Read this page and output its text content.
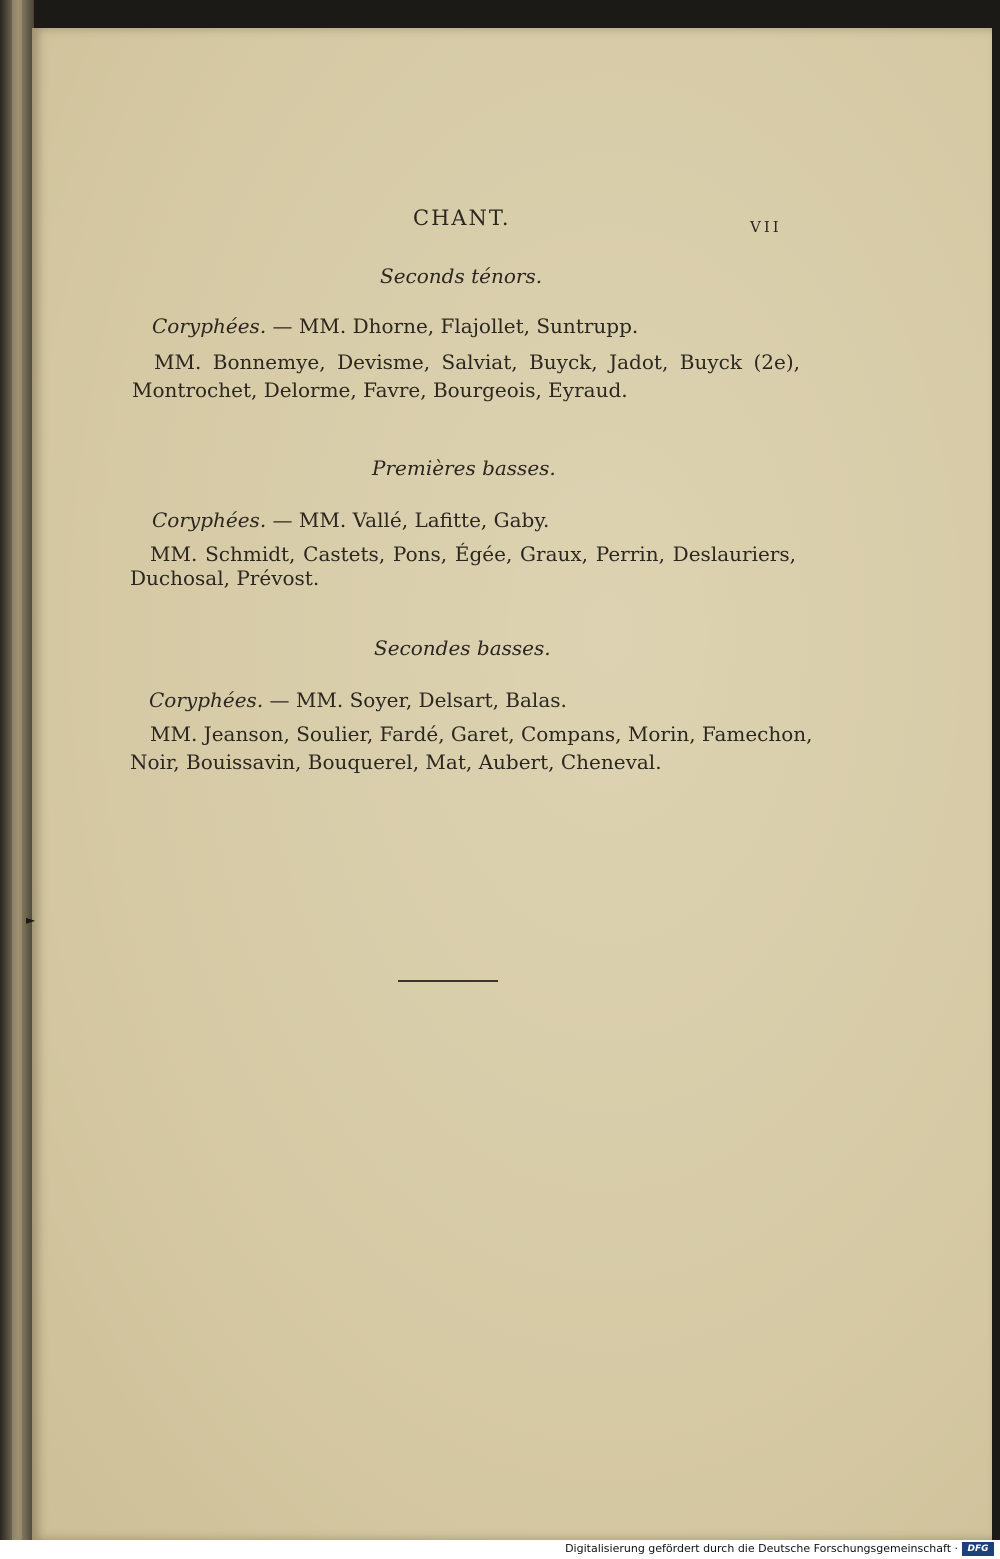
CHANT.	VII
Seconds ténors.
Coryphées. — MM. Dhorne, Flajollet, Suntrupp.
MM. Bonnemye, Devisme, Salviat, Buyck, Jadot, Buyck (2e),
Montrochet, Delorme, Favre, Bourgeois, Eyraud.
Premières basses.
Coryphées. — MM. Vallé, Lafitte, Gaby.
MM. Schmidt, Castets, Pons, Égée, Graux, Perrin, Deslauriers,
Duchosal, Prévost.
Secondes basses.
Coryphées. — MM. Soyer, Delsart, Balas.
MM. Jeanson, Soulier, Fardé, Garet, Compans, Morin, Famechon,
Noir, Bouissavin, Bouquerel, Mat, Aubert, Cheneval.
►
Digitalisierung gefördert durch die Deutsche Forschungsgemeinschaft ·	DFG
